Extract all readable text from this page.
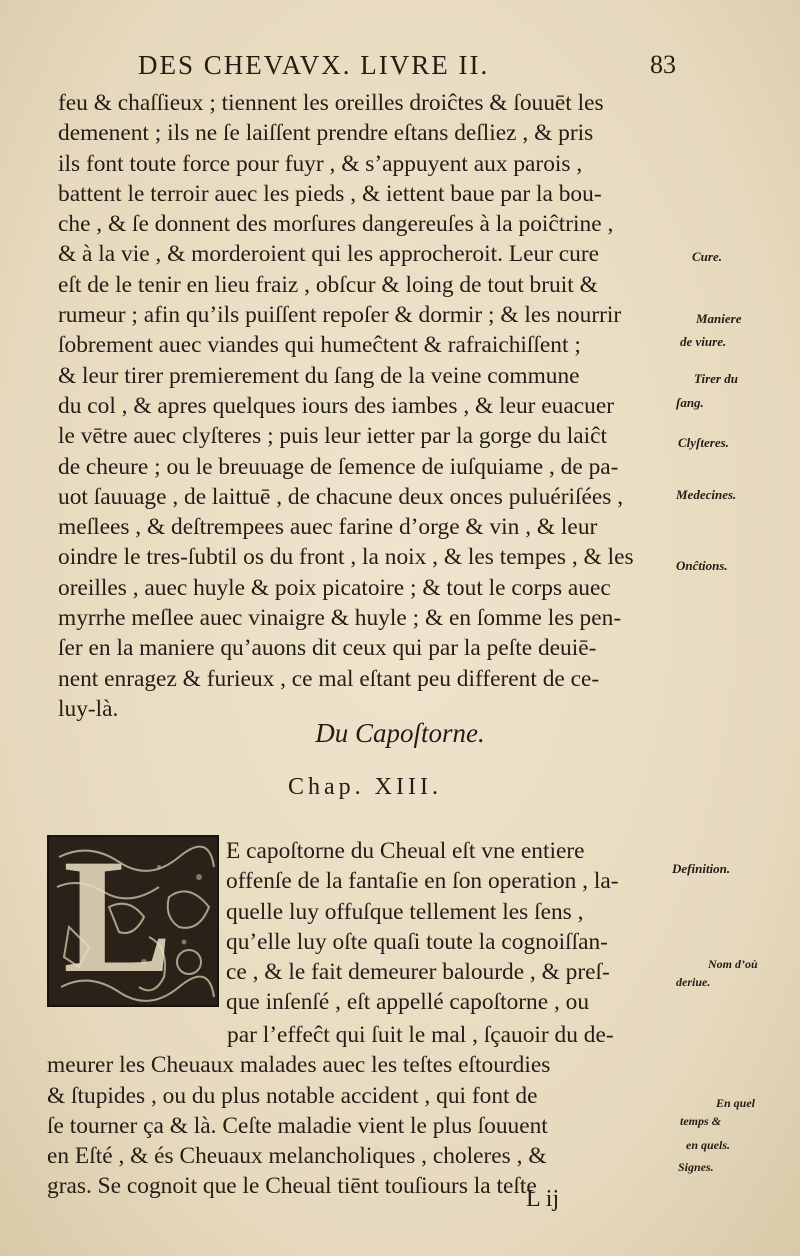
DES CHEVAVX. LIVRE II.	83
feu & chaſſieux ; tiennent les oreilles droiĉtes & ſouuēt les
demenent ; ils ne ſe laiſſent prendre eſtans deſliez , & pris
ils font toute force pour fuyr , & s’appuyent aux parois ,
battent le terroir auec les pieds , & iettent baue par la bou-
che , & ſe donnent des morſures dangereuſes à la poiĉtrine ,
& à la vie , & morderoient qui les approcheroit. Leur cure
eſt de le tenir en lieu fraiz , obſcur & loing de tout bruit &
rumeur ; afin qu’ils puiſſent repoſer & dormir ; & les nourrir
ſobrement auec viandes qui humeĉtent & rafraichiſſent ;
& leur tirer premierement du ſang de la veine commune
du col , & apres quelques iours des iambes , & leur euacuer
le vētre auec clyſteres ; puis leur ietter par la gorge du laiĉt
de cheure ; ou le breuuage de ſemence de iuſquiame , de pa-
uot ſauuage , de laittuē , de chacune deux onces puluériſées ,
meſlees , & deſtrempees auec farine d’orge & vin , & leur
oindre le tres-ſubtil os du front , la noix , & les tempes , & les
oreilles , auec huyle & poix picatoire ; & tout le corps auec
myrrhe meſlee auec vinaigre & huyle ; & en ſomme les pen-
ſer en la maniere qu’auons dit ceux qui par la peſte deuiē-
nent enragez & furieux , ce mal eſtant peu different de ce-
luy-là.
Cure.
Maniere
de viure.
Tirer du
ſang.
Clyſteres.
Medecines.
Onĉtions.
Du Capoſtorne.
Chap. XIII.
L E capoſtorne du Cheual eſt vne entiere
offenſe de la fantaſie en ſon operation , la-
quelle luy offuſque tellement les ſens ,
qu’elle luy oſte quaſi toute la cognoiſſan-
ce , & le fait demeurer balourde , & preſ-
que inſenſé , eſt appellé capoſtorne , ou
par l’effeĉt qui ſuit le mal , ſçauoir du de-
meurer les Cheuaux malades auec les teſtes eſtourdies
& ſtupides , ou du plus notable accident , qui font de
ſe tourner ça & là. Ceſte maladie vient le plus ſouuent
en Eſté , & és Cheuaux melancholiques , choleres , &
gras. Se cognoit que le Cheual tiēnt touſiours la teſte
Definition.
Nom d’où
deriue.
En quel
temps &
en quels.
Signes.
L ij
